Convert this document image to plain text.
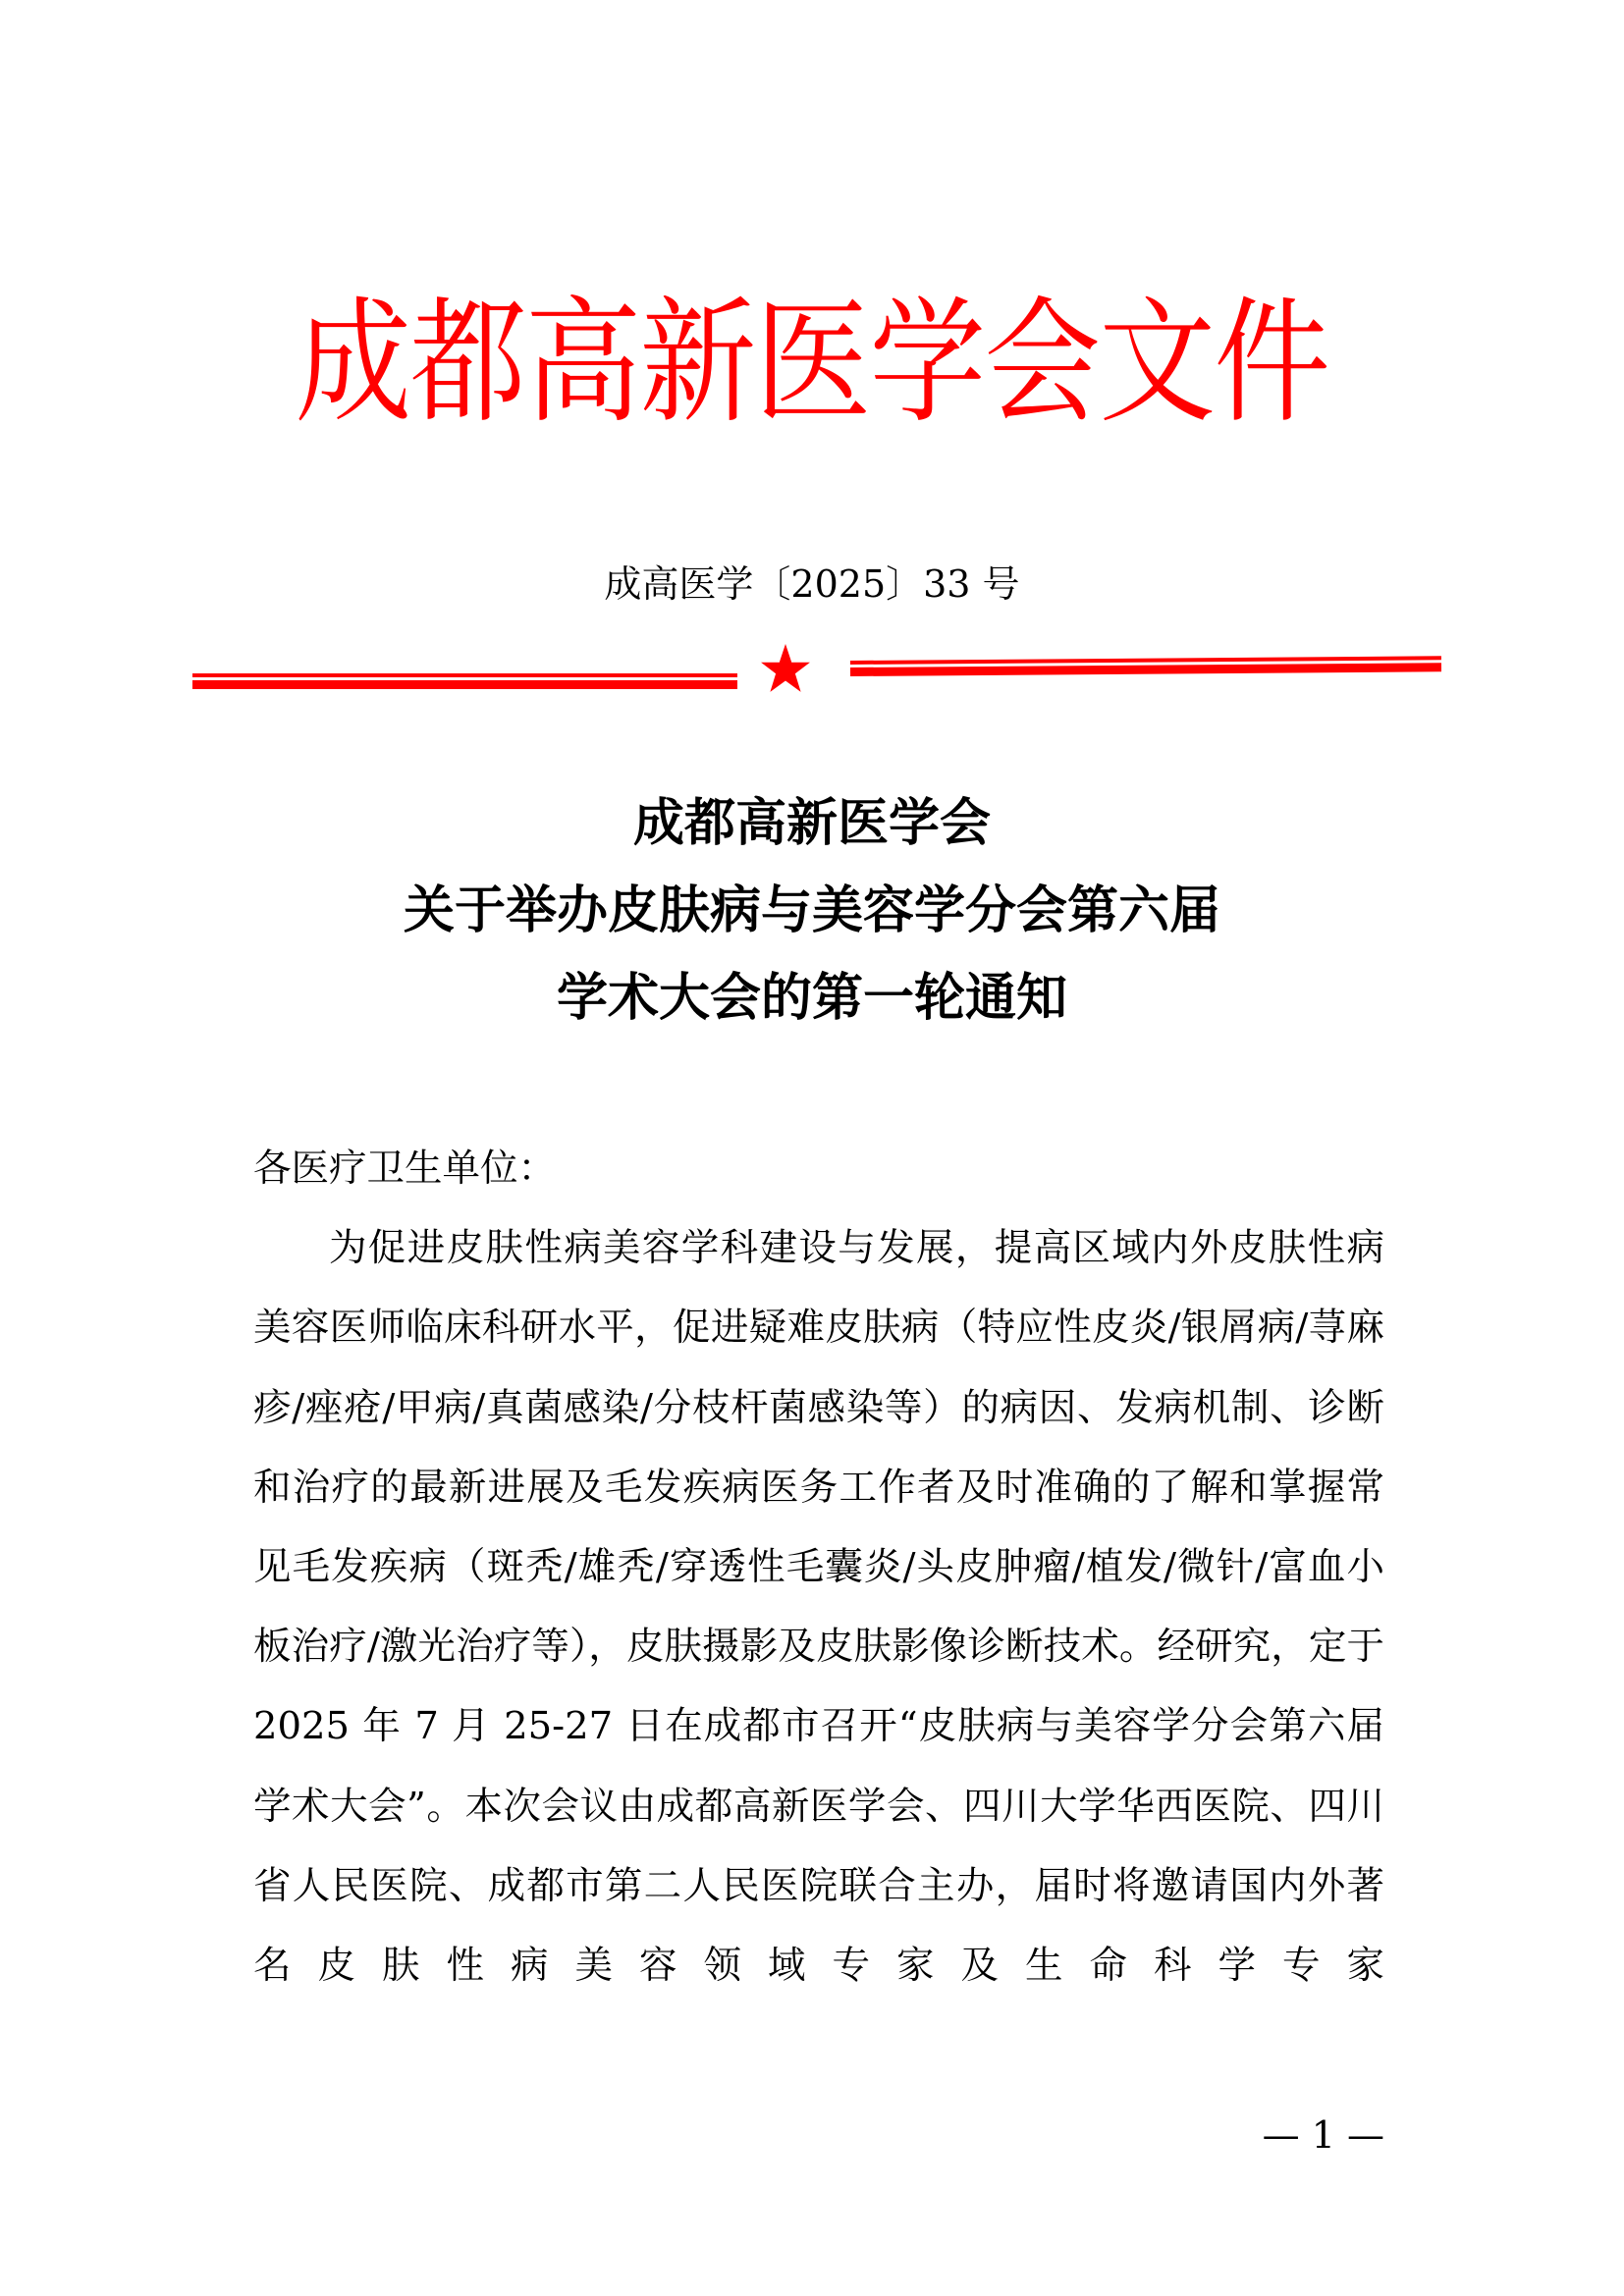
成都高新医学会文件
成高医学〔2025〕33 号
成都高新医学会
关于举办皮肤病与美容学分会第六届
学术大会的第一轮通知

各医疗卫生单位：

为促进皮肤性病美容学科建设与发展，提高区域内外皮肤性病美容医师临床科研水平，促进疑难皮肤病（特应性皮炎/银屑病/荨麻疹/痤疮/甲病/真菌感染/分枝杆菌感染等）的病因、发病机制、诊断和治疗的最新进展及毛发疾病医务工作者及时准确的了解和掌握常见毛发疾病（斑秃/雄秃/穿透性毛囊炎/头皮肿瘤/植发/微针/富血小板治疗/激光治疗等），皮肤摄影及皮肤影像诊断技术。经研究，定于 2025 年 7 月 25-27 日在成都市召开“皮肤病与美容学分会第六届学术大会”。本次会议由成都高新医学会、四川大学华西医院、四川省人民医院、成都市第二人民医院联合主办，届时将邀请国内外著名皮肤性病美容领域专家及生命科学专家

— 1 —
